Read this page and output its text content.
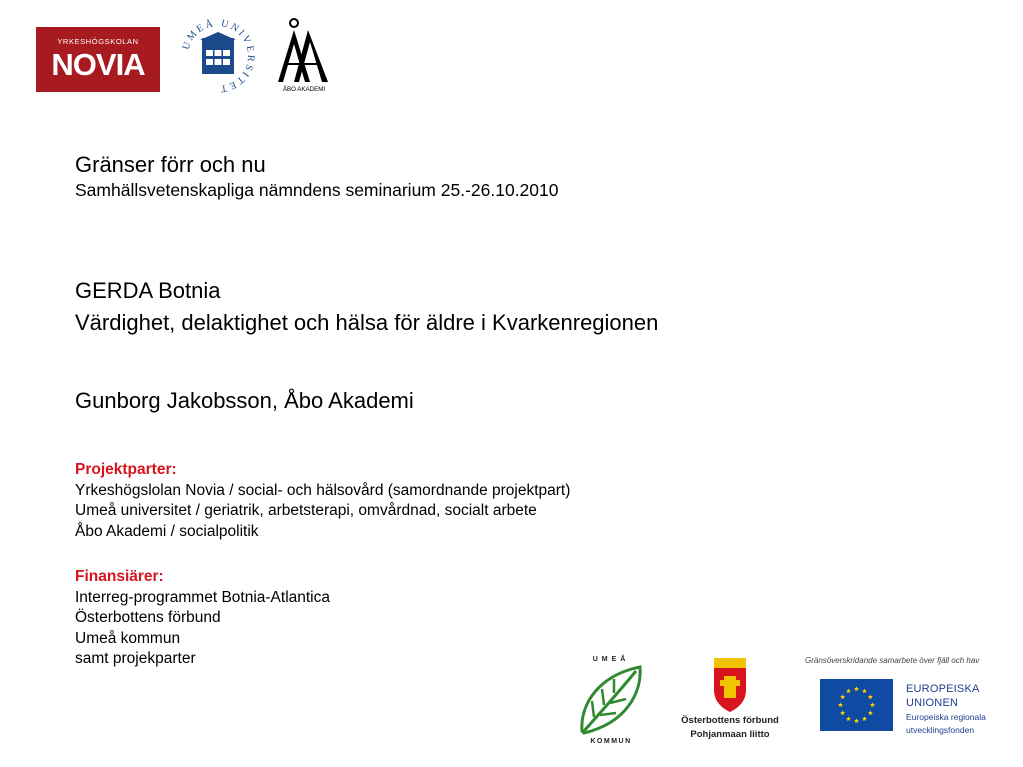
YRKESHÖGSKOLAN
NOVIA
UMEÅ UNIVERSITET	ÅBO AKADEMI
Gränser förr och nu
Samhällsvetenskapliga nämndens seminarium 25.-26.10.2010
GERDA Botnia
Värdighet, delaktighet och hälsa för äldre i Kvarkenregionen
Gunborg Jakobsson, Åbo Akademi
Projektparter:
Yrkeshögslolan Novia / social- och hälsovård (samordnande projektpart)
Umeå universitet / geriatrik, arbetsterapi, omvårdnad, socialt arbete
Åbo Akademi / socialpolitik
Finansiärer:
Interreg-programmet Botnia-Atlantica
Österbottens förbund
Umeå kommun
samt projekparter	UMEÅ
KOMMUN
Österbottens förbund
Pohjanmaan liitto
Gränsöverskridande samarbete över fjäll och hav
EUROPEISKA
UNIONEN
Europeiska regionala
utvecklingsfonden
